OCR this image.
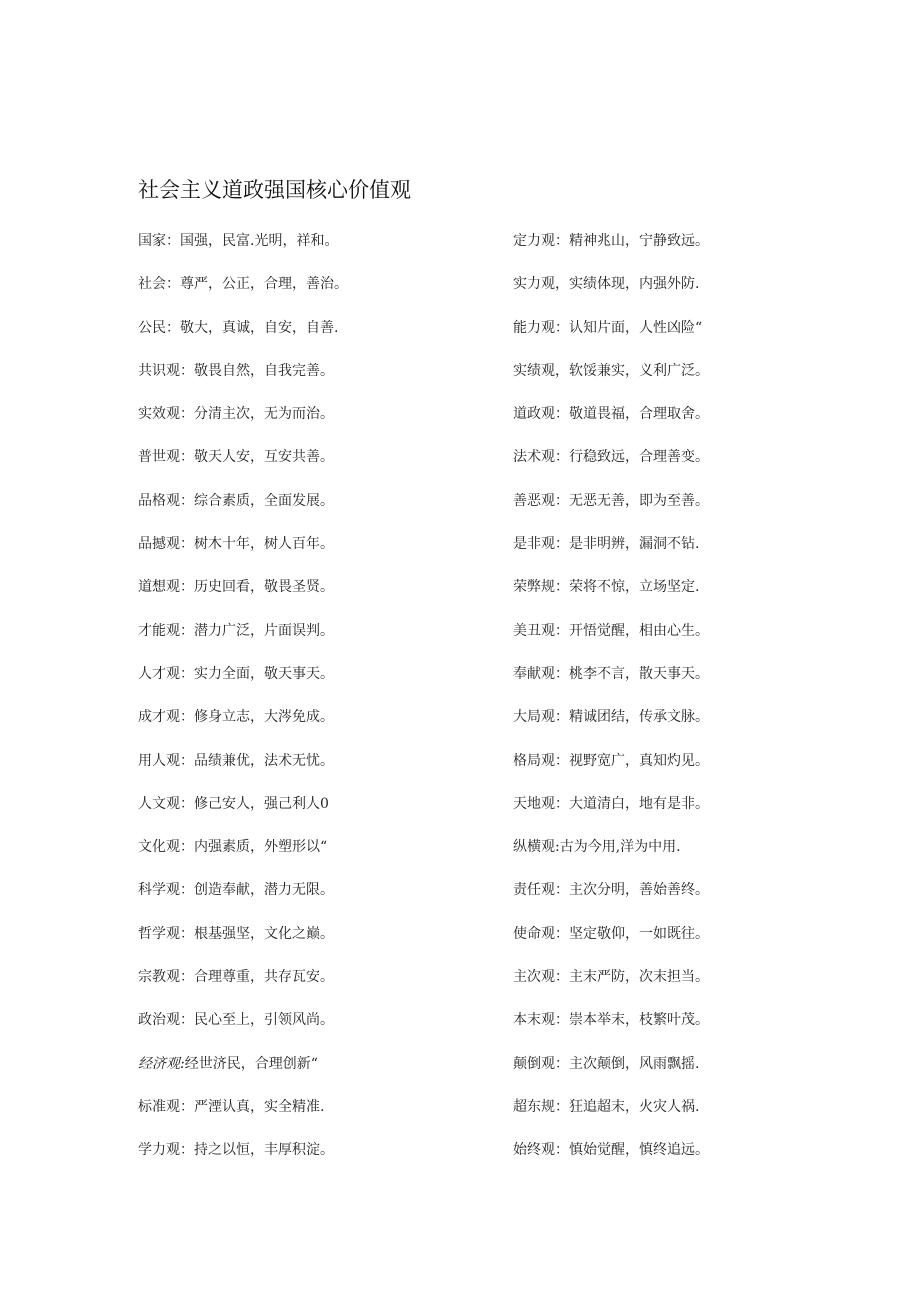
社会主义道政强国核心价值观
国家：国强，民富.光明，祥和。
社会：尊严，公正，合理，善治。
公民：敬大，真诚，自安，自善.
共识观：敬畏自然，自我完善。
实效观：分清主次，无为而治。
普世观：敬天人安，互安共善。
品格观：综合素质，全面发展。
品撼观：树木十年，树人百年。
道想观：历史回看，敬畏圣贤。
才能观：潜力广泛，片面误判。
人才观：实力全面，敬天事天。
成才观：修身立志，大涔免成。
用人观：品绩兼优，法术无忧。
人文观：修己安人，强己利人0
文化观：内强素质，外塑形以“
科学观：创造奉献，潜力无限。
哲学观：根基强坚，文化之巅。
宗教观：合理尊重，共存瓦安。
政治观：民心至上，引领风尚。
经济观:经世济民，合理创新“
标准观：严湮认真，实全精准.
学力观：持之以恒，丰厚积淀。
定力观：精神兆山，宁静致远。
实力观，实绩体现，内强外防.
能力观：认知片面，人性凶险“
实绩观，软馁兼实，义利广泛。
道政观：敬道畏福，合理取舍。
法术观：行稳致远，合理善变。
善恶观：无恶无善，即为至善。
是非观：是非明辨，漏洞不钻.
荣弊规：荣将不惊，立场坚定.
美丑观：开悟觉醒，相由心生。
奉献观：桃李不言，散天事天。
大局观：精诚团结，传承文脉。
格局观：视野宽广，真知灼见。
天地观：大道清白，地有是非。
纵横观:古为今用,洋为中用.
责任观：主次分明，善始善终。
使命观：坚定敬仰，一如既往。
主次观：主末严防，次末担当。
本末观：崇本举末，枝繁叶茂。
颠倒观：主次颠倒，风雨飘摇.
超东规：狂追超末，火灾人祸.
始终观：慎始觉醒，慎终追远。
